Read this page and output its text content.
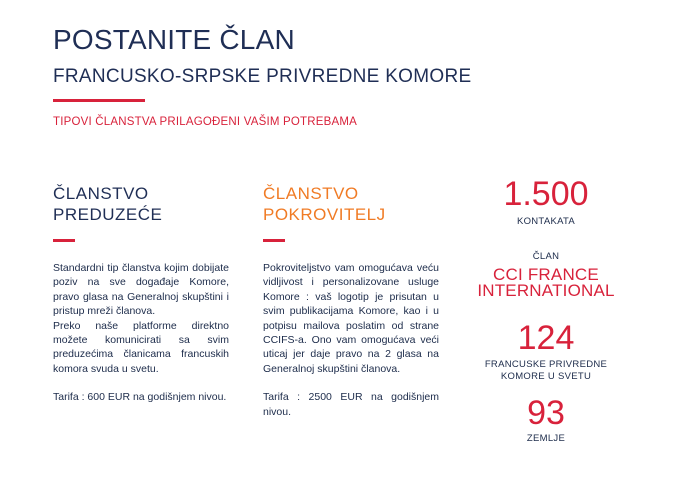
POSTANITE ČLAN
FRANCUSKO-SRPSKE PRIVREDNE KOMORE
TIPOVI ČLANSTVA PRILAGOĐENI VAŠIM POTREBAMA
ČLANSTVO
PREDUZEĆE

Standardni tip članstva kojim dobijate poziv na sve događaje Komore, pravo glasa na Generalnoj skupštini i pristup mreži članova.

Preko naše platforme direktno možete komunicirati sa svim preduzećima članicama francuskih komora svuda u svetu.

Tarifa : 600 EUR na godišnjem nivou.

ČLANSTVO
POKROVITELJ

Pokroviteljstvo vam omogućava veću vidljivost i personalizovane usluge Komore : vaš logotip je prisutan u svim publikacijama Komore, kao i u potpisu mailova poslatim od strane CCIFS-a. Ono vam omogućava veći uticaj jer daje pravo na 2 glasa na Generalnoj skupštini članova.

Tarifa : 2500 EUR na godišnjem nivou.

1.500
KONTAKATA
ČLAN
CCI FRANCE
INTERNATIONAL
124
FRANCUSKE PRIVREDNE
KOMORE U SVETU
93
ZEMLJE
